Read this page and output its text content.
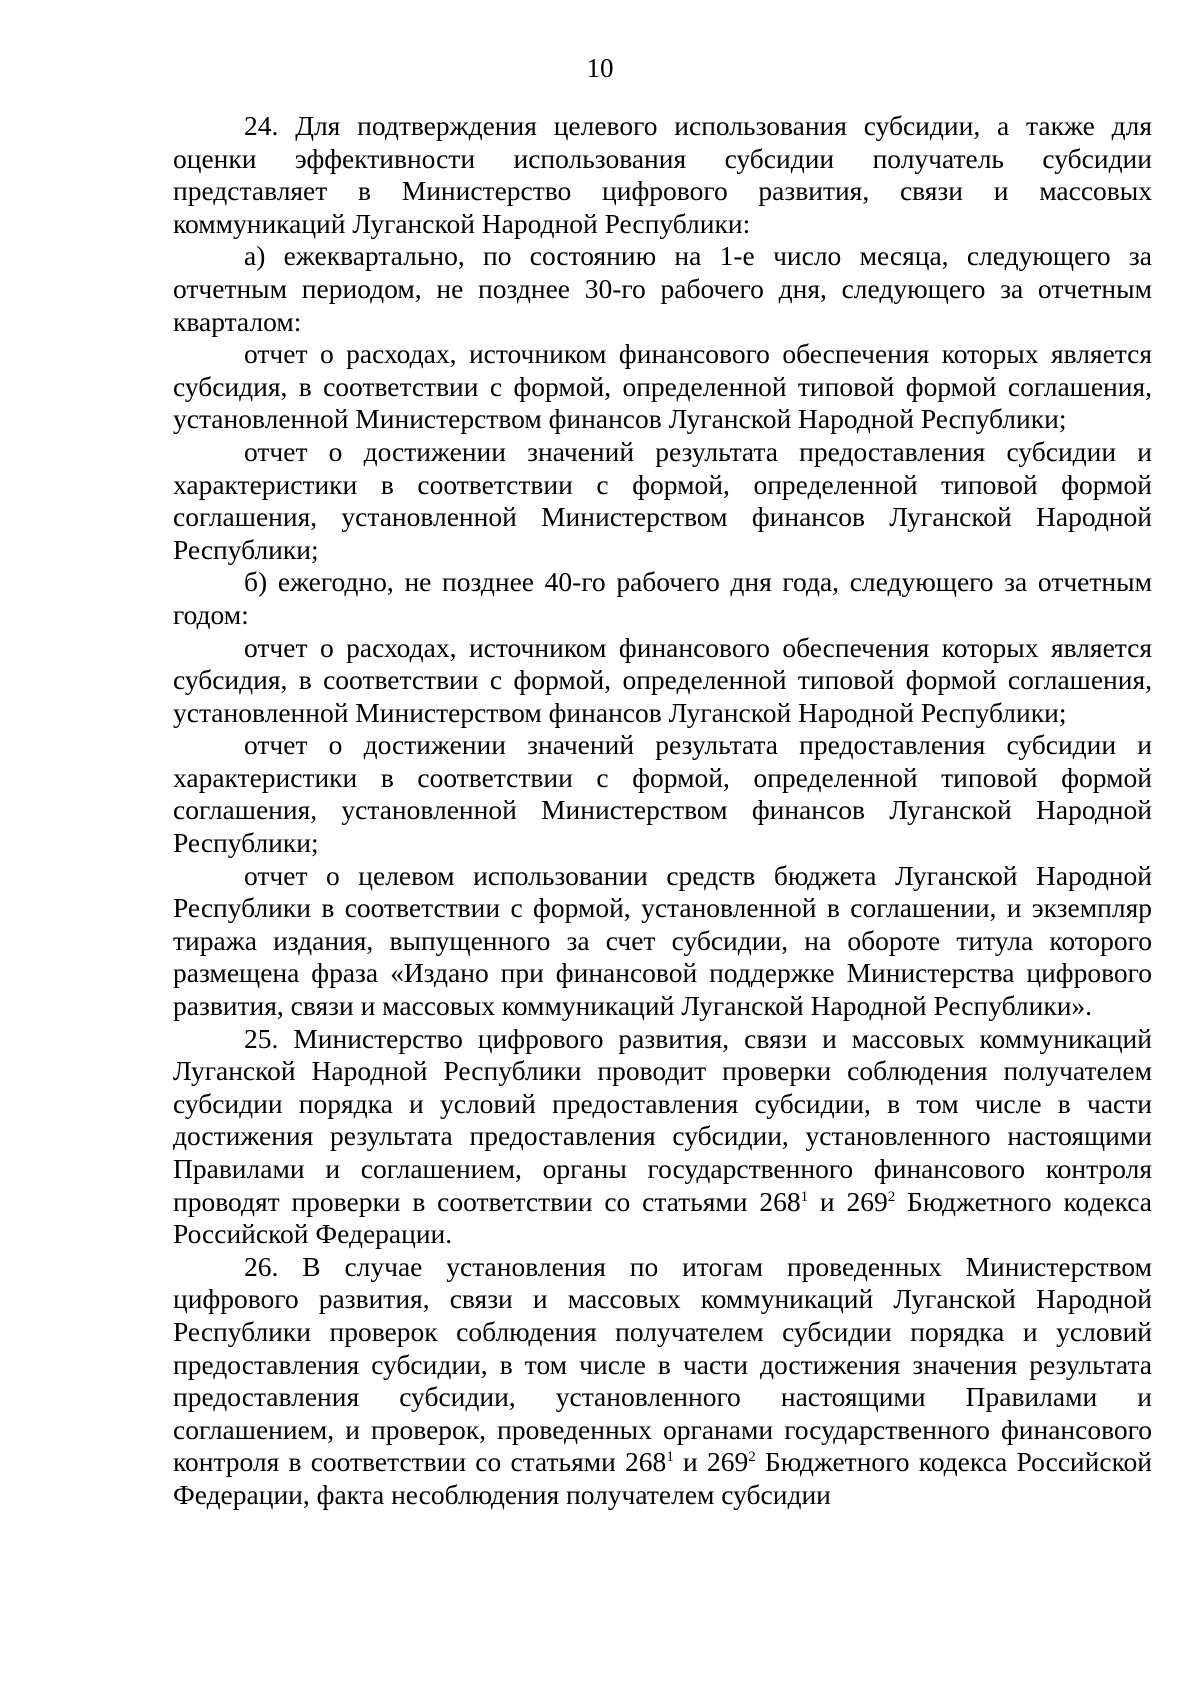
10

24. Для подтверждения целевого использования субсидии, а также для оценки эффективности использования субсидии получатель субсидии представляет в Министерство цифрового развития, связи и массовых коммуникаций Луганской Народной Республики:

а) ежеквартально, по состоянию на 1-е число месяца, следующего за отчетным периодом, не позднее 30-го рабочего дня, следующего за отчетным кварталом:

отчет о расходах, источником финансового обеспечения которых является субсидия, в соответствии с формой, определенной типовой формой соглашения, установленной Министерством финансов Луганской Народной Республики;

отчет о достижении значений результата предоставления субсидии и характеристики в соответствии с формой, определенной типовой формой соглашения, установленной Министерством финансов Луганской Народной Республики;

б) ежегодно, не позднее 40-го рабочего дня года, следующего за отчетным годом:

отчет о расходах, источником финансового обеспечения которых является субсидия, в соответствии с формой, определенной типовой формой соглашения, установленной Министерством финансов Луганской Народной Республики;

отчет о достижении значений результата предоставления субсидии и характеристики в соответствии с формой, определенной типовой формой соглашения, установленной Министерством финансов Луганской Народной Республики;

отчет о целевом использовании средств бюджета Луганской Народной Республики в соответствии с формой, установленной в соглашении, и экземпляр тиража издания, выпущенного за счет субсидии, на обороте титула которого размещена фраза «Издано при финансовой поддержке Министерства цифрового развития, связи и массовых коммуникаций Луганской Народной Республики».

25. Министерство цифрового развития, связи и массовых коммуникаций Луганской Народной Республики проводит проверки соблюдения получателем субсидии порядка и условий предоставления субсидии, в том числе в части достижения результата предоставления субсидии, установленного настоящими Правилами и соглашением, органы государственного финансового контроля проводят проверки в соответствии со статьями $268^1$ и $269^2$ Бюджетного кодекса Российской Федерации.

26. В случае установления по итогам проведенных Министерством цифрового развития, связи и массовых коммуникаций Луганской Народной Республики проверок соблюдения получателем субсидии порядка и условий предоставления субсидии, в том числе в части достижения значения результата предоставления субсидии, установленного настоящими Правилами и соглашением, и проверок, проведенных органами государственного финансового контроля в соответствии со статьями $268^1$ и $269^2$ Бюджетного кодекса Российской Федерации, факта несоблюдения получателем субсидии
